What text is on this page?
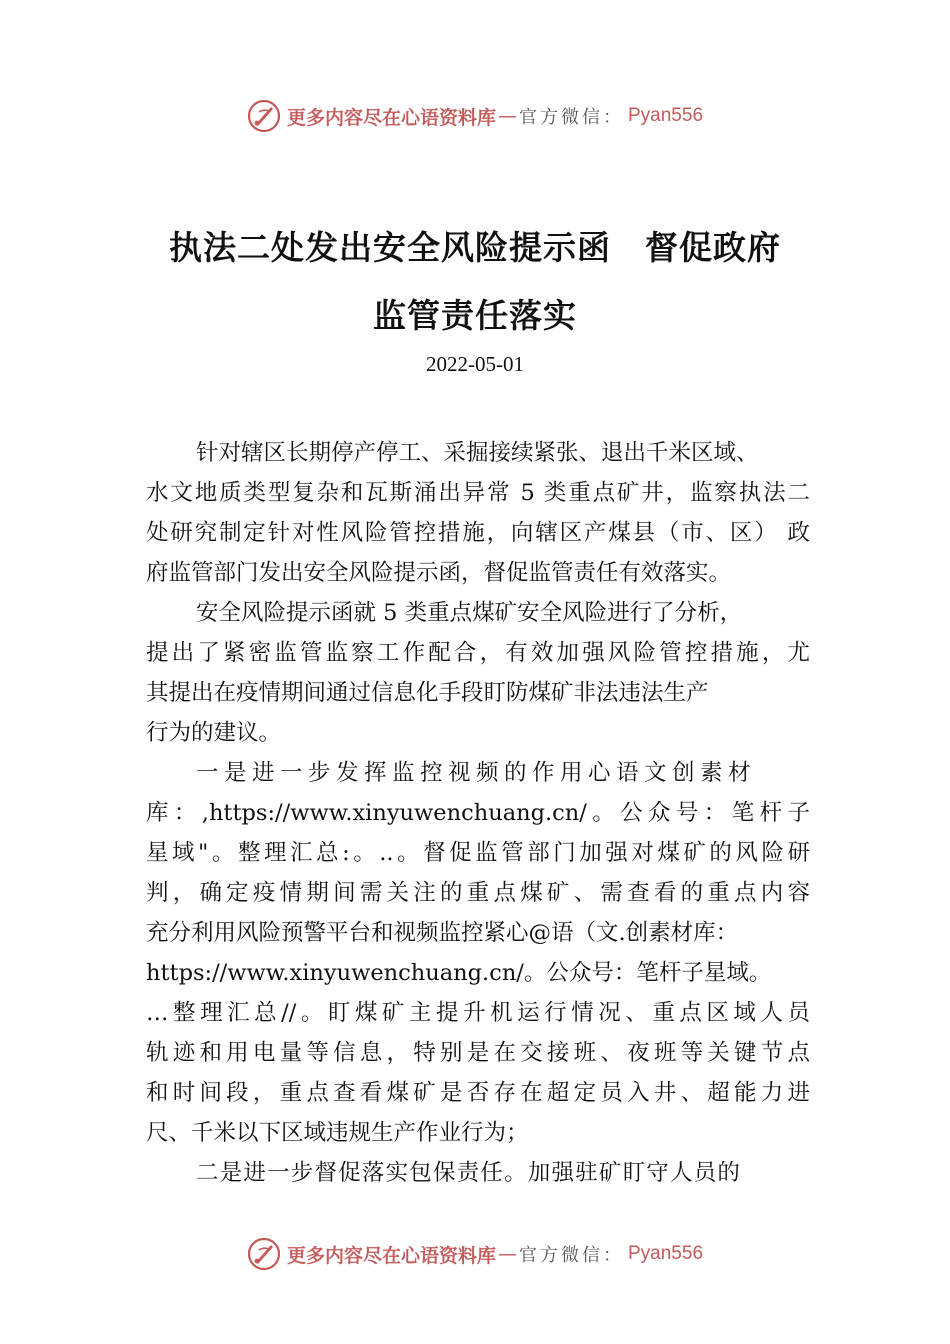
更多内容尽在心语资料库 — 官方微信： Pyan556
执法二处发出安全风险提示函　督促政府
监管责任落实
2022-05-01
针对辖区长期停产停工、采掘接续紧张、退出千米区域、
水文地质类型复杂和瓦斯涌出异常 5 类重点矿井，监察执法二
处研究制定针对性风险管控措施，向辖区产煤县（市、区） 政
府监管部门发出安全风险提示函，督促监管责任有效落实。
安全风险提示函就 5 类重点煤矿安全风险进行了分析，
提出了紧密监管监察工作配合，有效加强风险管控措施，尤
其提出在疫情期间通过信息化手段盯防煤矿非法违法生产
行为的建议。
一是进一步发挥监控视频的作用心语文创素材
库：,https://www.xinyuwenchuang.cn/。公众号：笔杆子
星域"。整理汇总:。..。督促监管部门加强对煤矿的风险研
判，确定疫情期间需关注的重点煤矿、需查看的重点内容
充分利用风险预警平台和视频监控紧心@语（文.创素材库：
https://www.xinyuwenchuang.cn/。公众号：笔杆子星域。
…整理汇总//。盯煤矿主提升机运行情况、重点区域人员
轨迹和用电量等信息，特别是在交接班、夜班等关键节点
和时间段，重点查看煤矿是否存在超定员入井、超能力进
尺、千米以下区域违规生产作业行为；
二是进一步督促落实包保责任。加强驻矿盯守人员的
更多内容尽在心语资料库 — 官方微信： Pyan556
